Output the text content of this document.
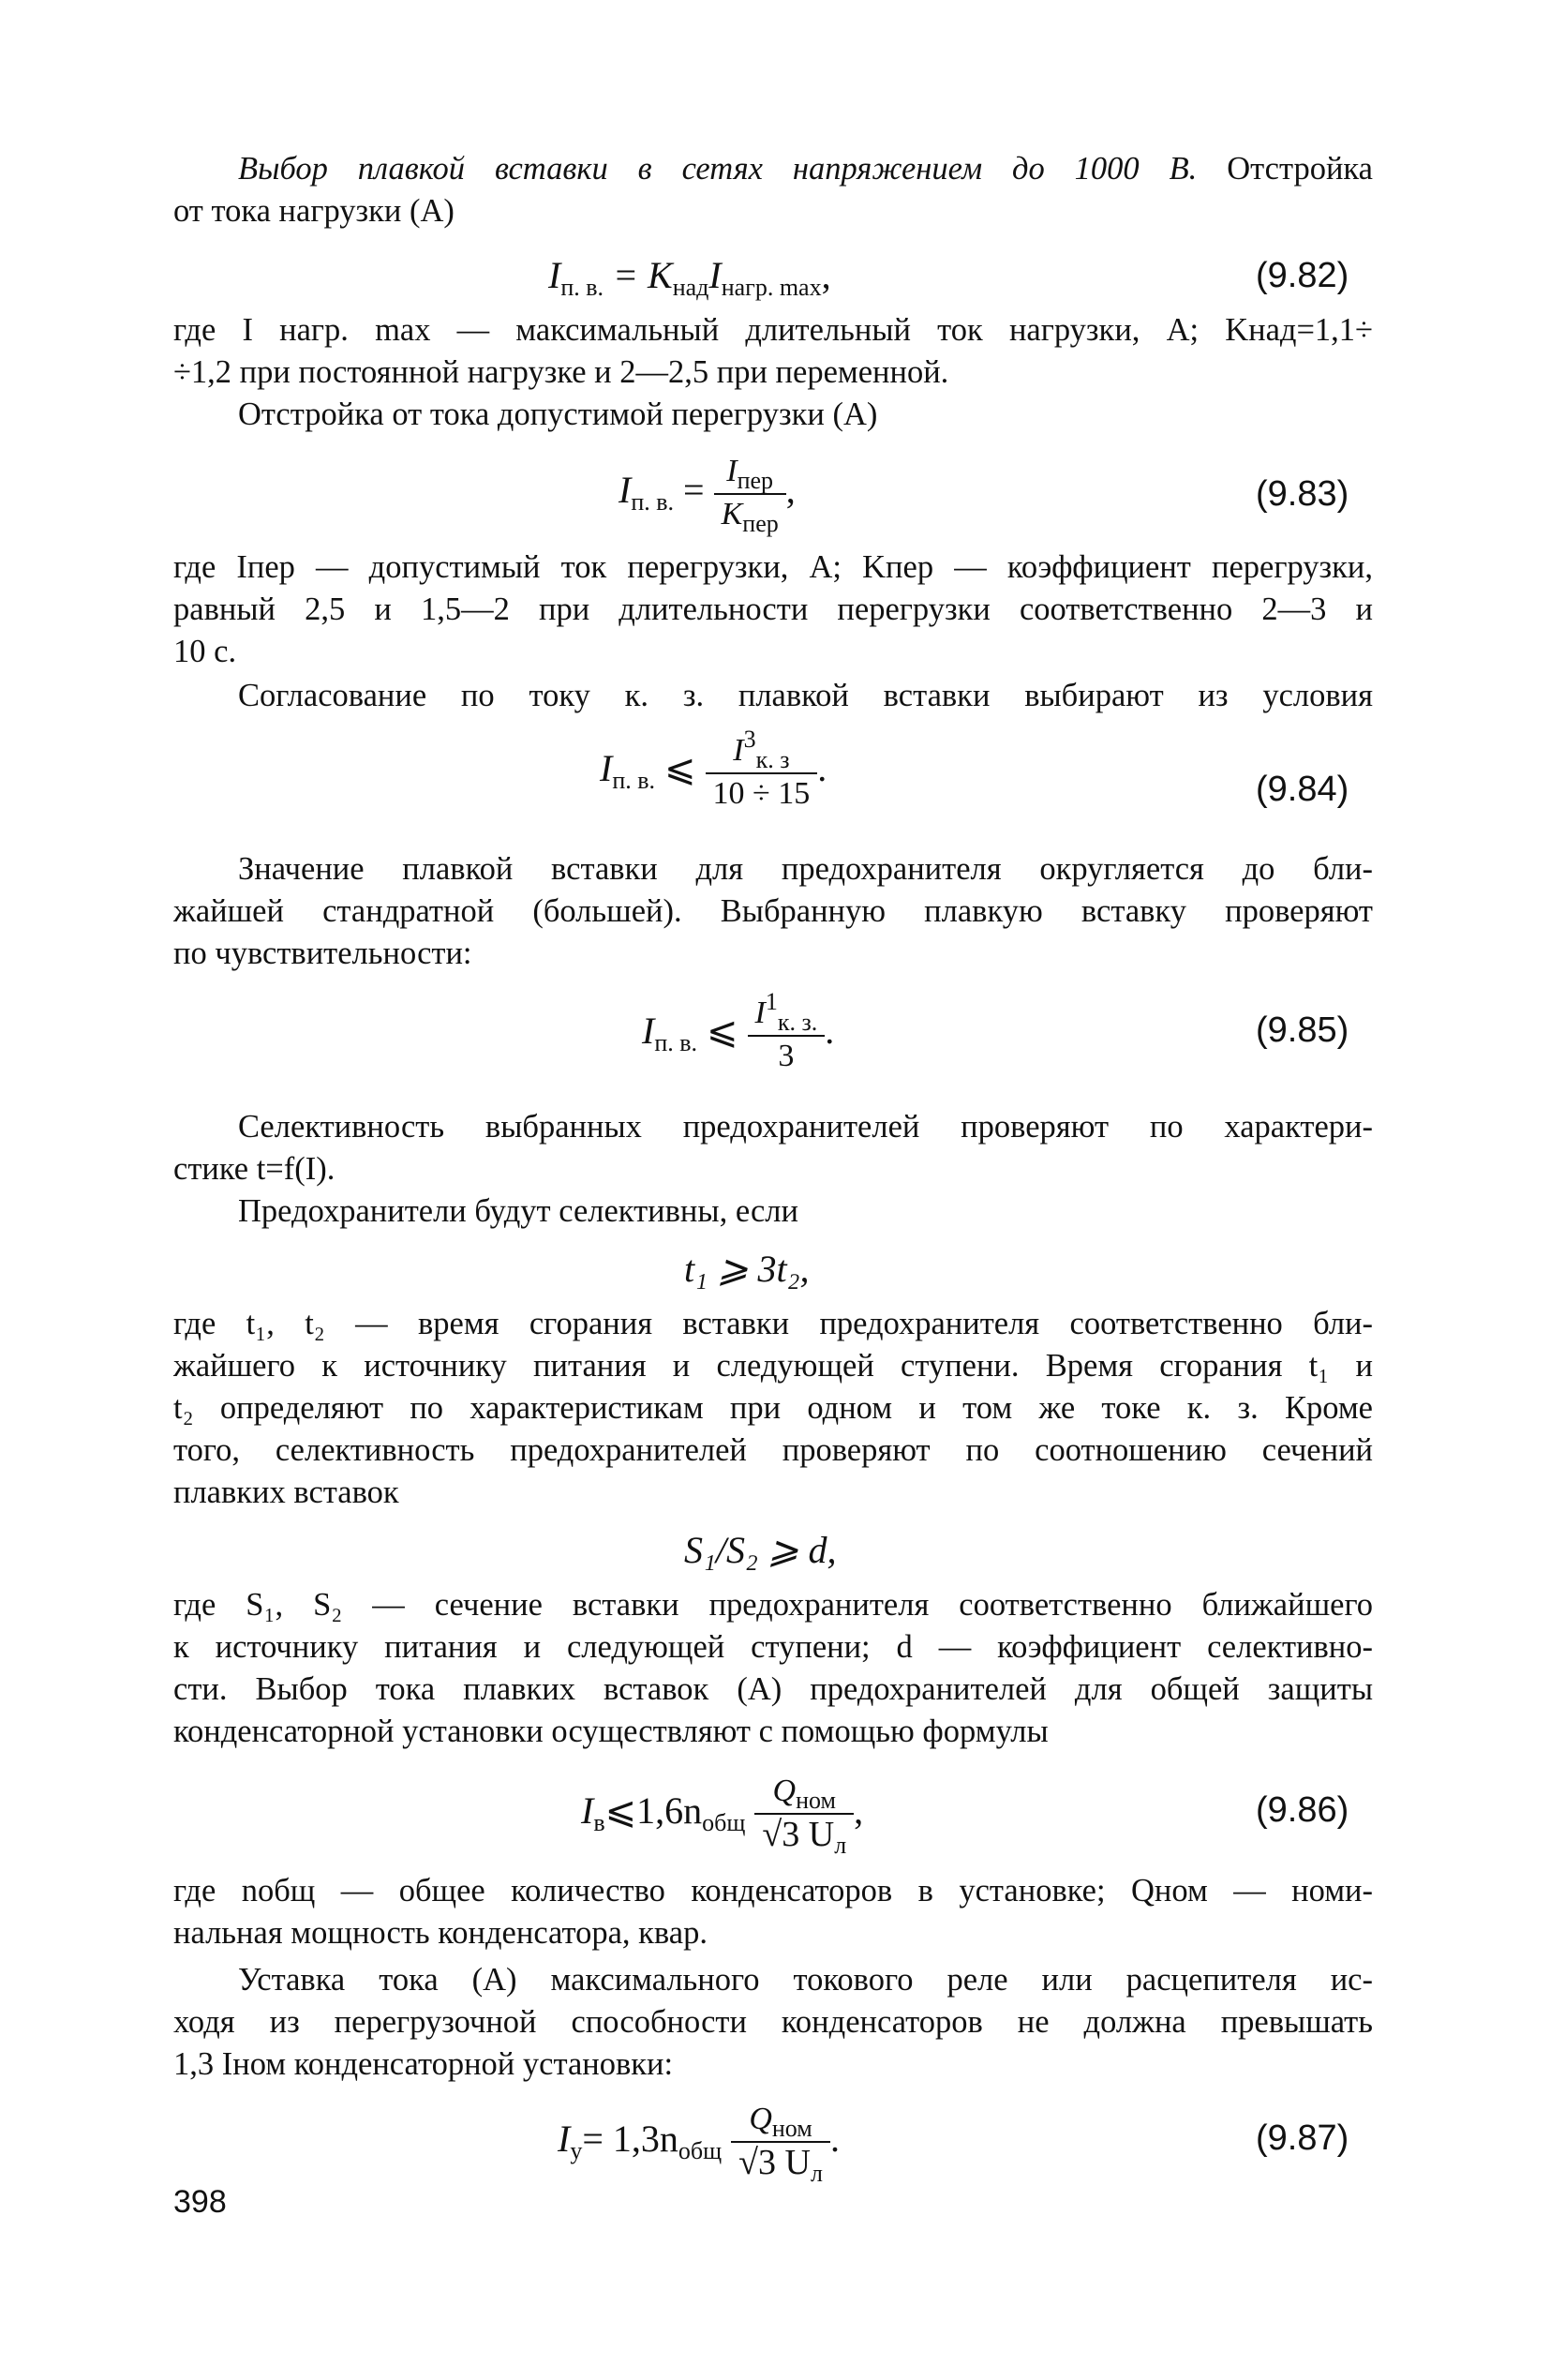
Выбор плавкой вставки в сетях напряжением до 1000 В. Отстройка
от тока нагрузки (А)
$I_{п. в.} = K_{над}I_{нагр. max}$,	(9.82)
где I нагр. max — максимальный длительный ток нагрузки, А; Kнад=1,1÷
÷1,2 при постоянной нагрузке и 2—2,5 при переменной.
Отстройка от тока допустимой перегрузки (А)
$I_{п. в.} = \frac{I_{пер}}{K_{пер}}$ ,	(9.83)
где Iпер — допустимый ток перегрузки, А; Kпер — коэффициент перегрузки,
равный 2,5 и 1,5—2 при длительности перегрузки соответственно 2—3 и
10 с.
Согласование по току к. з. плавкой вставки выбирают из условия
$I_{п. в.}$ ⩽ $\frac{I^3_{к. з}}{10 \div 15}$ .	(9.84)
Значение плавкой вставки для предохранителя округляется до бли-
жайшей стандратной (большей). Выбранную плавкую вставку проверяют
по чувствительности:
$I_{п. в.}$ ⩽ $\frac{I^1_{к. з.}}{3}$ .	(9.85)
Селективность выбранных предохранителей проверяют по характери-
стике t=f(I).
Предохранители будут селективны, если
t₁ ⩾ 3t₂,
где t₁, t₂ — время сгорания вставки предохранителя соответственно бли-
жайшего к источнику питания и следующей ступени. Время сгорания t₁ и
t₂ определяют по характеристикам при одном и том же токе к. з. Кроме
того, селективность предохранителей проверяют по соотношению сечений
плавких вставок
S₁/S₂ ⩾ d,
где S₁, S₂ — сечение вставки предохранителя соответственно ближайшего
к источнику питания и следующей ступени; d — коэффициент селективно-
сти. Выбор тока плавких вставок (А) предохранителей для общей защиты
конденсаторной установки осуществляют с помощью формулы
$I_в⩽1,6n_{общ} \frac{Q_{ном}}{√3 U_л}$ ,	(9.86)
где nобщ — общее количество конденсаторов в установке; Qном — номи-
нальная мощность конденсатора, квар.
Уставка тока (А) максимального токового реле или расцепителя ис-
ходя из перегрузочной способности конденсаторов не должна превышать
1,3 Iном конденсаторной установки:
$I_у= 1,3n_{общ} \frac{Q_{ном}}{√3 U_л}$ .	(9.87)
398
